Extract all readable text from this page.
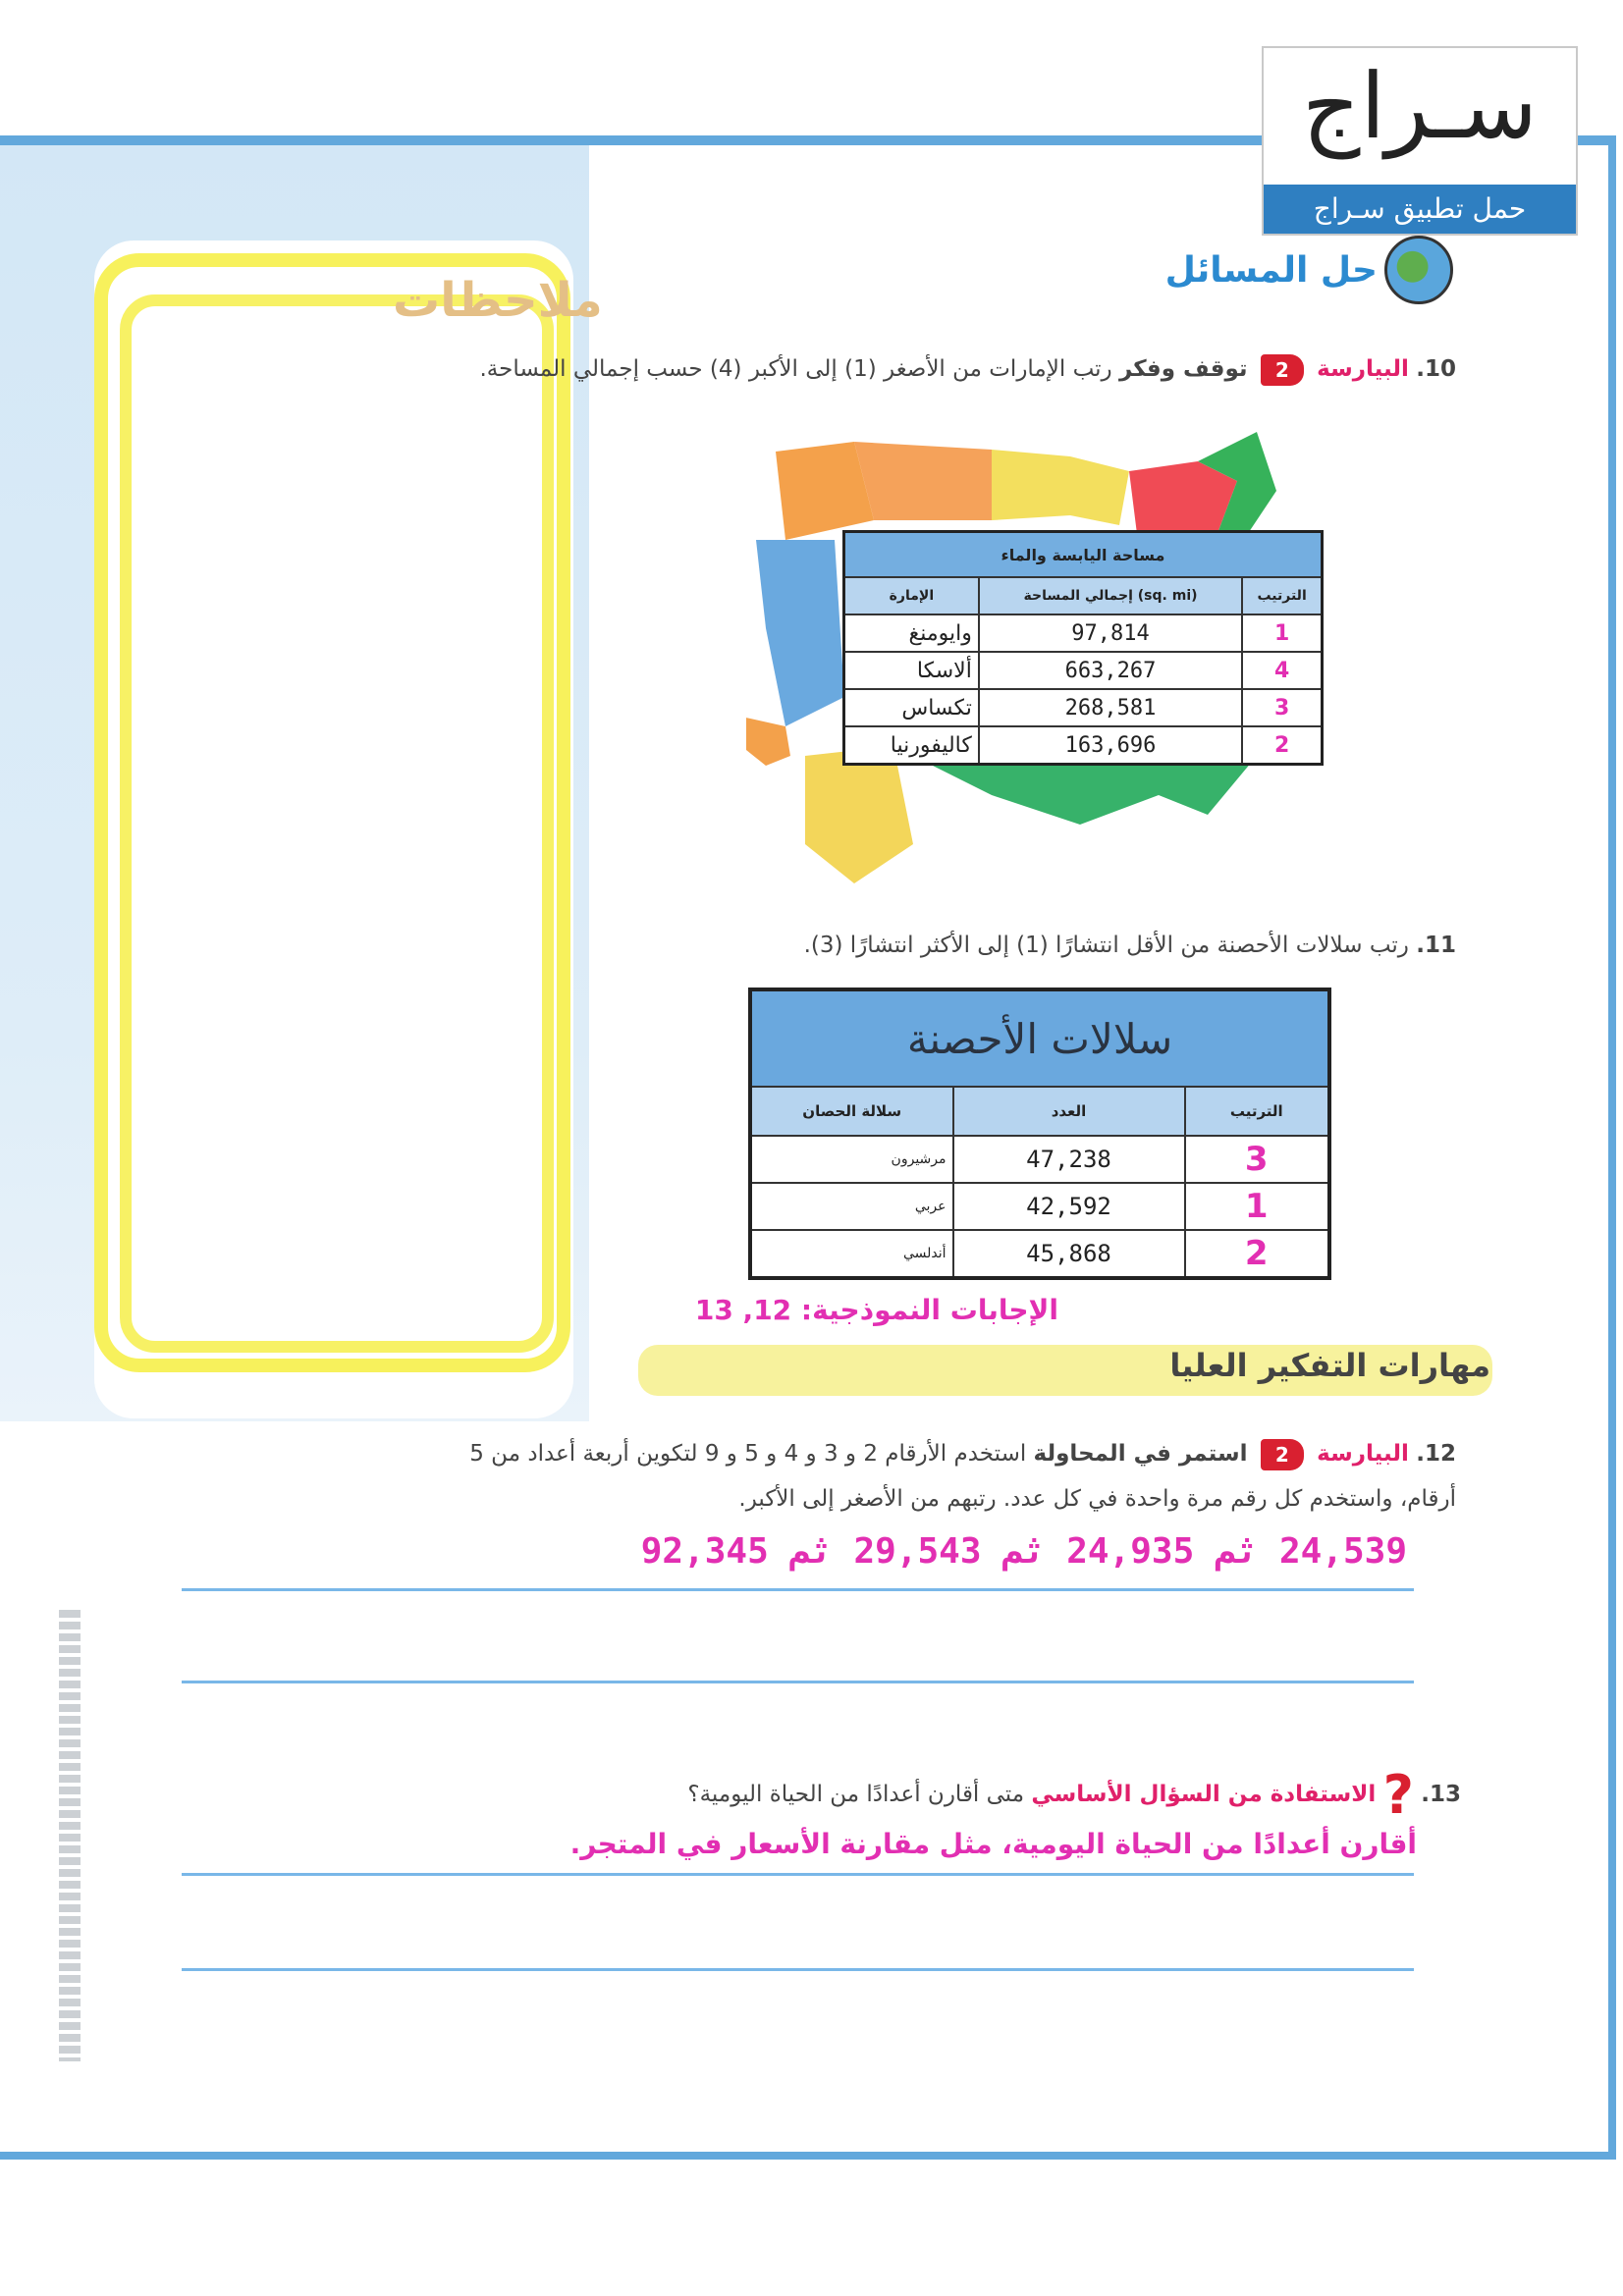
ملاحظات
سـراج
حمل تطبيق سـراج
حل المسائل
10. البيارسة 2 توقف وفكر رتب الإمارات من الأصغر (1) إلى الأكبر (4) حسب إجمالي المساحة.
مساحة اليابسة والماء		
الإمارة	إجمالي المساحة (sq. mi)	الترتيب
وايومنغ	97,814	1
ألاسكا	663,267	4
تكساس	268,581	3
كاليفورنيا	163,696	2
11. رتب سلالات الأحصنة من الأقل انتشارًا (1) إلى الأكثر انتشارًا (3).
سلالات الأحصنة		
سلالة الحصان	العدد	الترتيب
مرشيرون	47,238	3
عربي	42,592	1
أندلسي	45,868	2
الإجابات النموذجية: 12, 13
مهارات التفكير العليا
12. البيارسة 2 استمر في المحاولة استخدم الأرقام 2 و 3 و 4 و 5 و 9 لتكوين أربعة أعداد من 5 أرقام، واستخدم كل رقم مرة واحدة في كل عدد. رتبهم من الأصغر إلى الأكبر.
24,539 ثم 24,935 ثم 29,543 ثم 92,345
13. ? الاستفادة من السؤال الأساسي متى أقارن أعدادًا من الحياة اليومية؟
أقارن أعدادًا من الحياة اليومية، مثل مقارنة الأسعار في المتجر.
